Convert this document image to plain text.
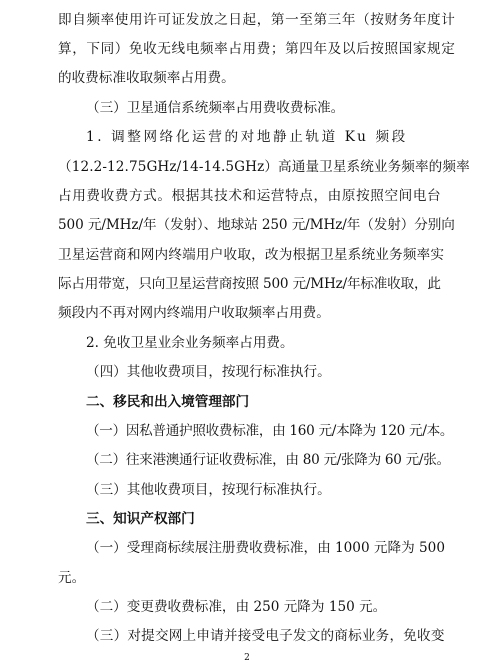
即自频率使用许可证发放之日起，第一至第三年（按财务年度计
算，下同）免收无线电频率占用费；第四年及以后按照国家规定
的收费标准收取频率占用费。
（三）卫星通信系统频率占用费收费标准。
1. 调整网络化运营的对地静止轨道 Ku 频段
（12.2-12.75GHz/14-14.5GHz）高通量卫星系统业务频率的频率
占用费收费方式。根据其技术和运营特点，由原按照空间电台
500 元/MHz/年（发射）、地球站 250 元/MHz/年（发射）分别向
卫星运营商和网内终端用户收取，改为根据卫星系统业务频率实
际占用带宽，只向卫星运营商按照 500 元/MHz/年标准收取，此
频段内不再对网内终端用户收取频率占用费。
2. 免收卫星业余业务频率占用费。
（四）其他收费项目，按现行标准执行。
二、移民和出入境管理部门
（一）因私普通护照收费标准，由 160 元/本降为 120 元/本。
（二）往来港澳通行证收费标准，由 80 元/张降为 60 元/张。
（三）其他收费项目，按现行标准执行。
三、知识产权部门
（一）受理商标续展注册费收费标准，由 1000 元降为 500
元。
（二）变更费收费标准，由 250 元降为 150 元。
（三）对提交网上申请并接受电子发文的商标业务，免收变
2
